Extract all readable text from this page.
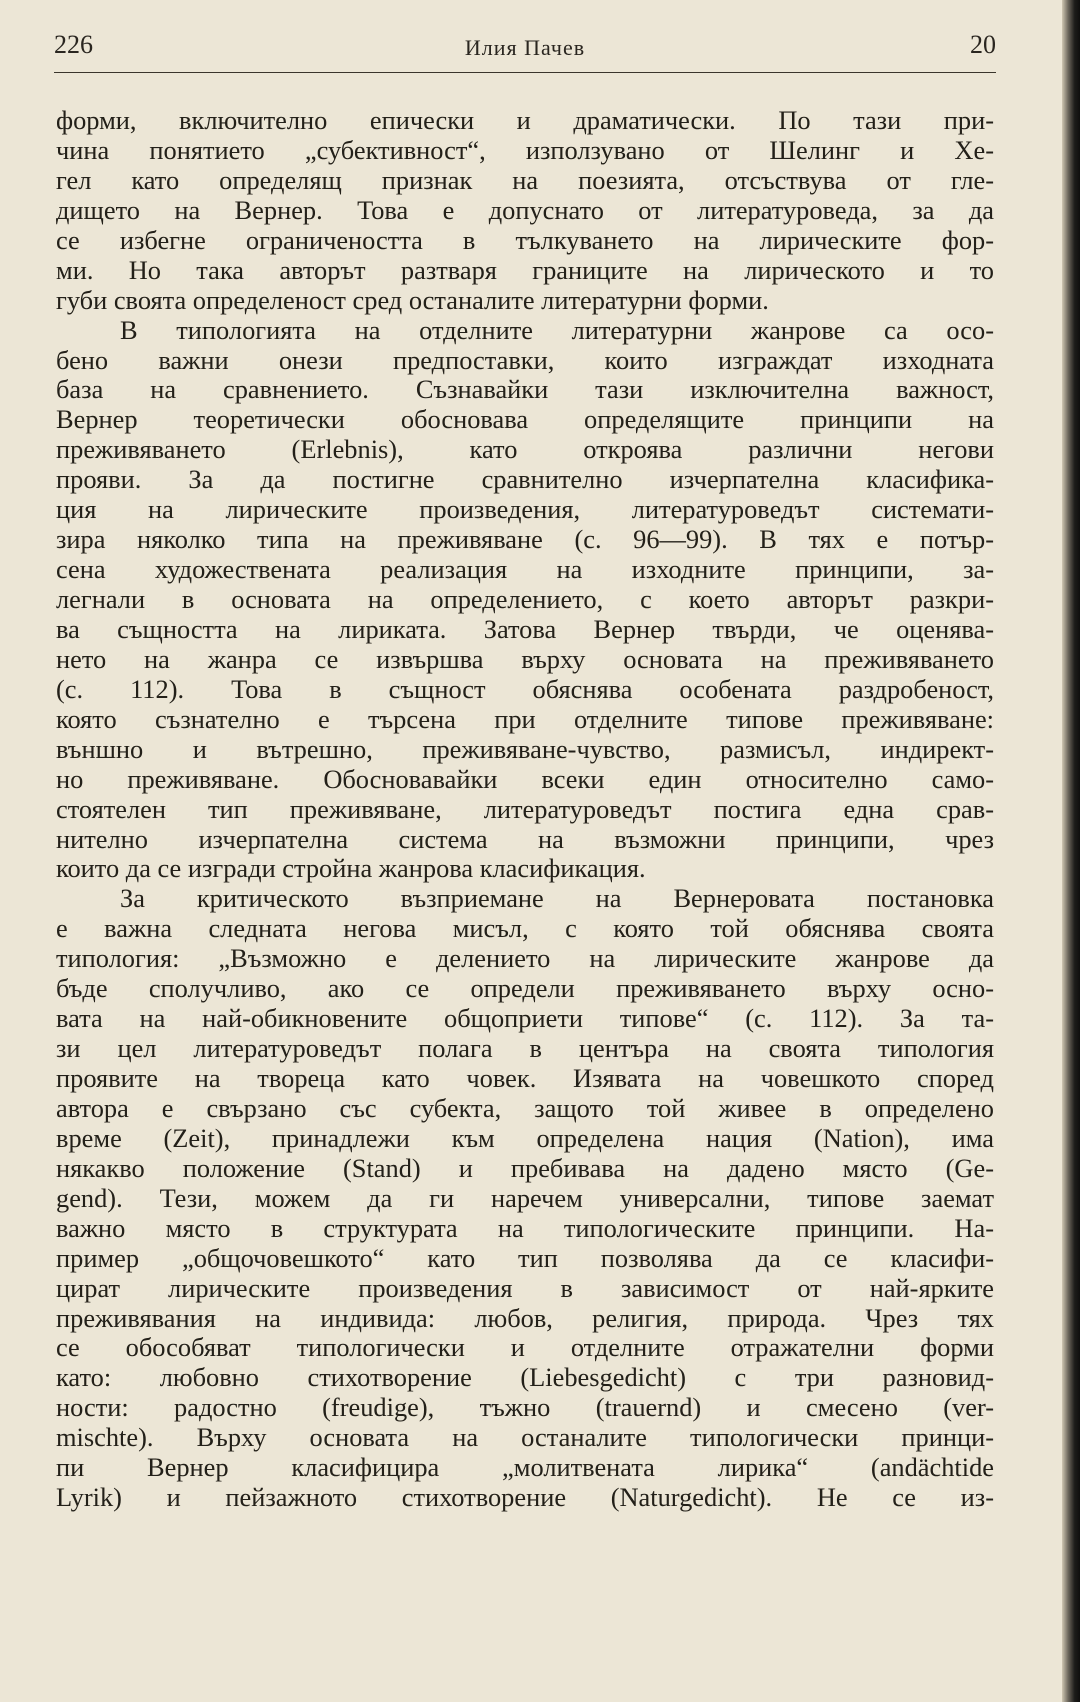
226	Илия Пачев	20
форми, включително епически и драматически. По тази при-
чина понятието „субективност“, използувано от Шелинг и Хе-
гел като определящ признак на поезията, отсъствува от гле-
дището на Вернер. Това е допуснато от литературоведа, за да
се избегне ограничеността в тълкуването на лирическите фор-
ми. Но така авторът разтваря границите на лирическото и то
губи своята определеност сред останалите литературни форми.
В типологията на отделните литературни жанрове са осо-
бено важни онези предпоставки, които изграждат изходната
база на сравнението. Съзнавайки тази изключителна важност,
Вернер теоретически обосновава определящите принципи на
преживяването (Erlebnis), като откроява различни негови
прояви. За да постигне сравнително изчерпателна класифика-
ция на лирическите произведения, литературоведът системати-
зира няколко типа на преживяване (с. 96—99). В тях е потър-
сена художествената реализация на изходните принципи, за-
легнали в основата на определението, с което авторът разкри-
ва същността на лириката. Затова Вернер твърди, че оценява-
нето на жанра се извършва върху основата на преживяването
(с. 112). Това в същност обяснява особената раздробеност,
която съзнателно е търсена при отделните типове преживяване:
външно и вътрешно, преживяване-чувство, размисъл, индирект-
но преживяване. Обосновавайки всеки един относително само-
стоятелен тип преживяване, литературоведът постига една срав-
нително изчерпателна система на възможни принципи, чрез
които да се изгради стройна жанрова класификация.
За критическото възприемане на Вернеровата постановка
е важна следната негова мисъл, с която той обяснява своята
типология: „Възможно е делението на лирическите жанрове да
бъде сполучливо, ако се определи преживяването върху осно-
вата на най-обикновените общоприети типове“ (с. 112). За та-
зи цел литературоведът полага в центъра на своята типология
проявите на твореца като човек. Изявата на човешкото според
автора е свързано със субекта, защото той живее в определено
време (Zeit), принадлежи към определена нация (Nation), има
някакво положение (Stand) и пребивава на дадено място (Ge-
gend). Тези, можем да ги наречем универсални, типове заемат
важно място в структурата на типологическите принципи. На-
пример „общочовешкото“ като тип позволява да се класифи-
цират лирическите произведения в зависимост от най-ярките
преживявания на индивида: любов, религия, природа. Чрез тях
се обособяват типологически и отделните отражателни форми
като: любовно стихотворение (Liebesgedicht) с три разновид-
ности: радостно (freudige), тъжно (trauernd) и смесено (ver-
mischte). Върху основата на останалите типологически принци-
пи Вернер класифицира „молитвената лирика“ (andächtide
Lyrik) и пейзажното стихотворение (Naturgedicht). Не се из-
